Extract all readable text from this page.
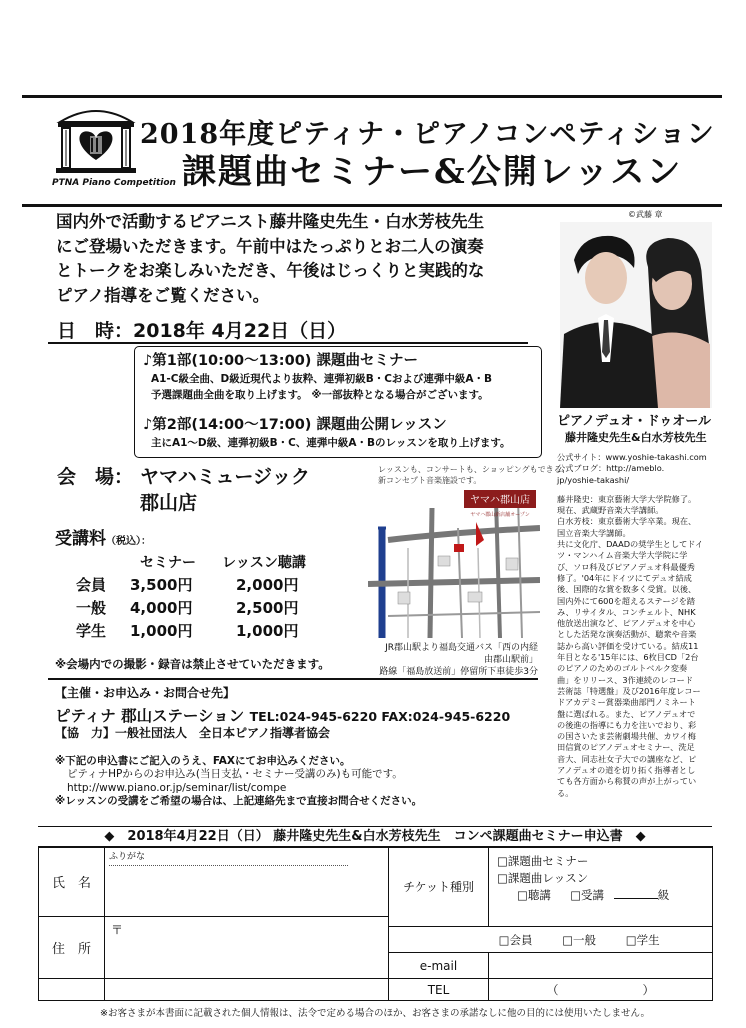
PTNA Piano Competition
2018年度ピティナ・ピアノコンペティション
課題曲セミナー&公開レッスン
国内外で活動するピアニスト藤井隆史先生・白水芳枝先生
にご登場いただきます。午前中はたっぷりとお二人の演奏
とトークをお楽しみいただき、午後はじっくりと実践的な
ピアノ指導をご覧ください。
©武藤 章
ピアノデュオ・ドゥオール
藤井隆史先生&白水芳枝先生

公式サイト：www.yoshie-takashi.com

公式ブログ：http://ameblo.

jp/yoshie-takashi/

藤井隆史：東京藝術大学大学院修了。

現在、武蔵野音楽大学講師。

白水芳枝：東京藝術大学卒業。現在、

国立音楽大学講師。

共に文化庁、DAADの奨学生としてドイ

ツ・マンハイム音楽大学大学院に学

び、ソロ科及びピアノデュオ科最優秀

修了。'04年にドイツにてデュオ結成

後、国際的な賞を数多く受賞。以後、

国内外にて600を超えるステージを踏

み、リサイタル、コンチェルト、NHK

他放送出演など、ピアノデュオを中心

とした活発な演奏活動が、聴衆や音楽

誌から高い評価を受けている。結成11

年目となる'15年には、6枚目CD「2台

のピアノのためのゴルトベルク変奏

曲」をリリース、3作連続のレコード

芸術誌「特選盤」及び2016年度レコー

ドアカデミー賞器楽曲部門ノミネート

盤に選ばれる。また、ピアノデュオで

の後進の指導にも力を注いでおり、彩

の国さいたま芸術劇場共催、カワイ梅

田信賞のピアノデュオセミナー、洗足

音大、同志社女子大での講座など、ピ

アノデュオの道を切り拓く指導者とし

ても各方面から称賛の声が上がってい

る。

日　時：2018年 4月22日（日）
♪第1部(10:00〜13:00) 課題曲セミナー
A1-C級全曲、D級近現代より抜粋、連弾初級B・Cおよび連弾中級A・B
予選課題曲全曲を取り上げます。 ※一部抜粋となる場合がございます。
♪第2部(14:00〜17:00) 課題曲公開レッスン
主にA1〜D級、連弾初級B・C、連弾中級A・Bのレッスンを取り上げます。
会　場： ヤマハミュージック
郡山店
レッスンも、コンサートも、ショッピングもできる、
新コンセプト音楽施設です。
ヤマハ郡山店
ヤマハ郡山新店舗オープン
JR郡山駅より福島交通バス「西の内経由郡山駅前」
路線「福島放送前」停留所下車徒歩3分
受講料（税込）：
セミナー レッスン聴講
会員 3,500円	2,000円
一般 4,000円	2,500円
学生 1,000円	1,000円
※会場内での撮影・録音は禁止させていただきます。
【主催・お申込み・お問合せ先】
ピティナ 郡山ステーション TEL:024-945-6220 FAX:024-945-6220
【協　力】一般社団法人　全日本ピアノ指導者協会

※下記の申込書にご記入のうえ、FAXにてお申込みください。

ピティナHPからのお申込み(当日支払・セミナー受講のみ)も可能です。

http://www.piano.or.jp/seminar/list/compe

※レッスンの受講をご希望の場合は、上記連絡先まで直接お問合せください。

◆　2018年4月22日（日） 藤井隆史先生&白水芳枝先生　コンペ課題曲セミナー申込書　◆
氏　名	ふりがな	チケット種別	□課題曲セミナー
□課題曲レッスン
□聴講 □受講 級

住　所	〒		
		□会員 □一般 □学生	
		e-mail	
		TEL	（　　　　　　　）
※お客さまが本書面に記載された個人情報は、法令で定める場合のほか、お客さまの承諾なしに他の目的には使用いたしません。
